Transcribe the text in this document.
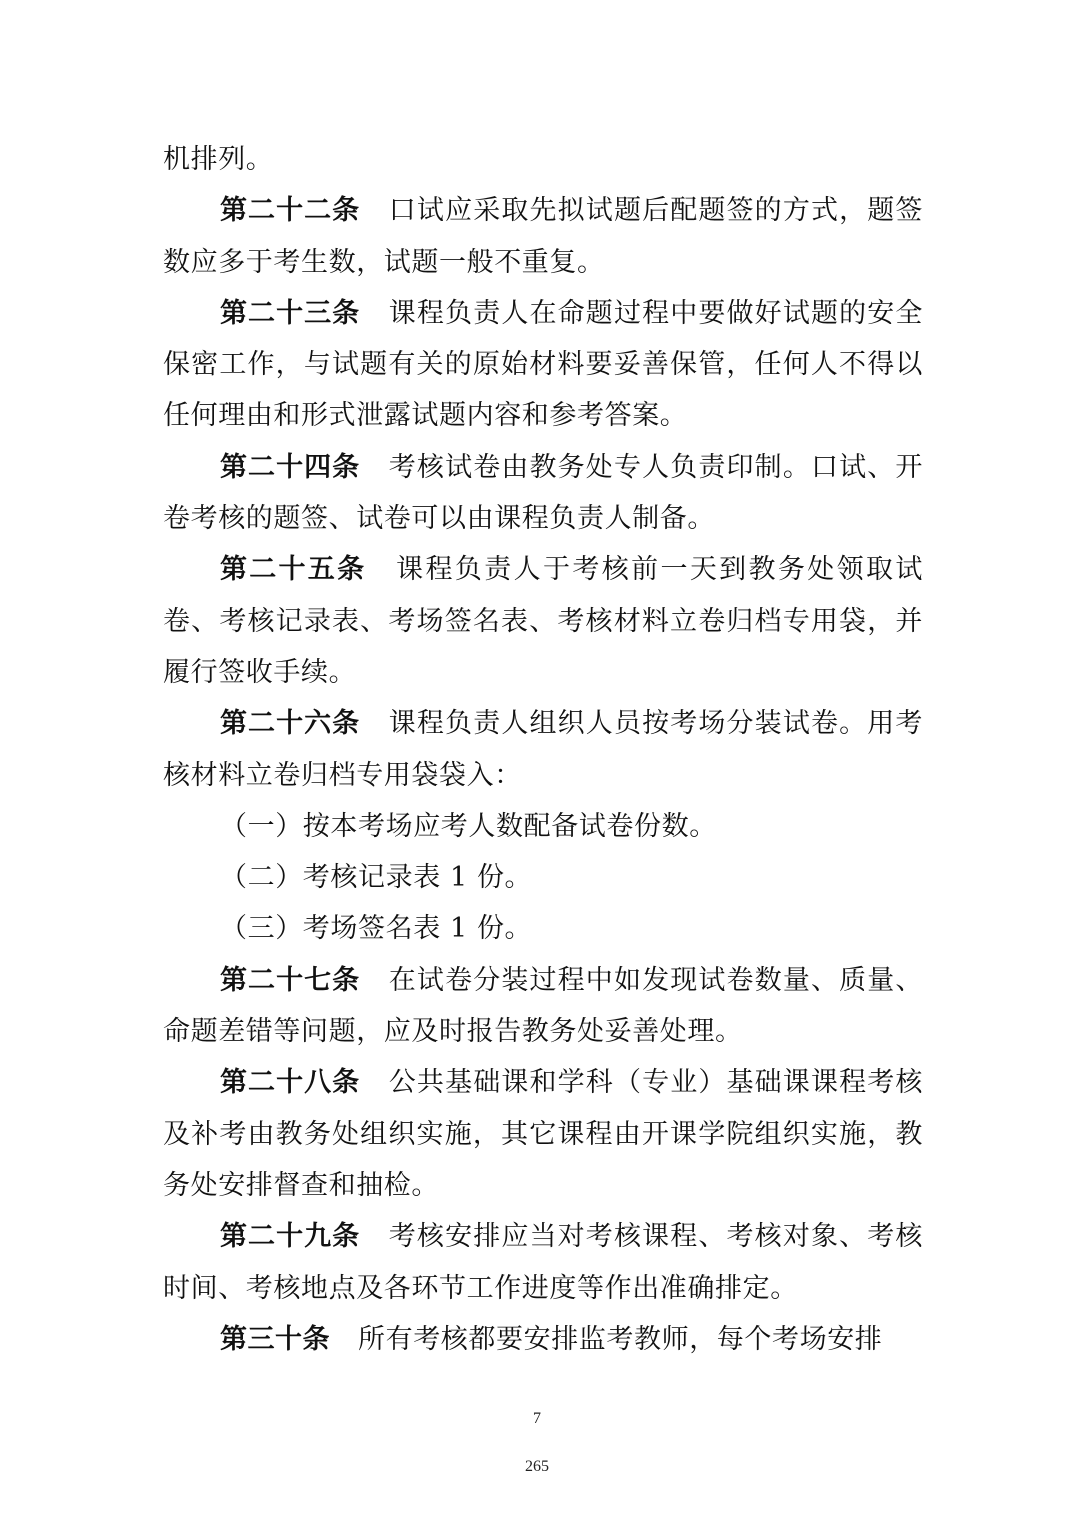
机排列。

第二十二条 口试应采取先拟试题后配题签的方式，题签数应多于考生数，试题一般不重复。

第二十三条 课程负责人在命题过程中要做好试题的安全保密工作，与试题有关的原始材料要妥善保管，任何人不得以任何理由和形式泄露试题内容和参考答案。

第二十四条 考核试卷由教务处专人负责印制。口试、开卷考核的题签、试卷可以由课程负责人制备。

第二十五条 课程负责人于考核前一天到教务处领取试卷、考核记录表、考场签名表、考核材料立卷归档专用袋，并履行签收手续。

第二十六条 课程负责人组织人员按考场分装试卷。用考核材料立卷归档专用袋袋入：

（一）按本考场应考人数配备试卷份数。

（二）考核记录表 1 份。

（三）考场签名表 1 份。

第二十七条 在试卷分装过程中如发现试卷数量、质量、命题差错等问题，应及时报告教务处妥善处理。

第二十八条 公共基础课和学科（专业）基础课课程考核及补考由教务处组织实施，其它课程由开课学院组织实施，教务处安排督查和抽检。

第二十九条 考核安排应当对考核课程、考核对象、考核时间、考核地点及各环节工作进度等作出准确排定。

第三十条 所有考核都要安排监考教师，每个考场安排

7
265
